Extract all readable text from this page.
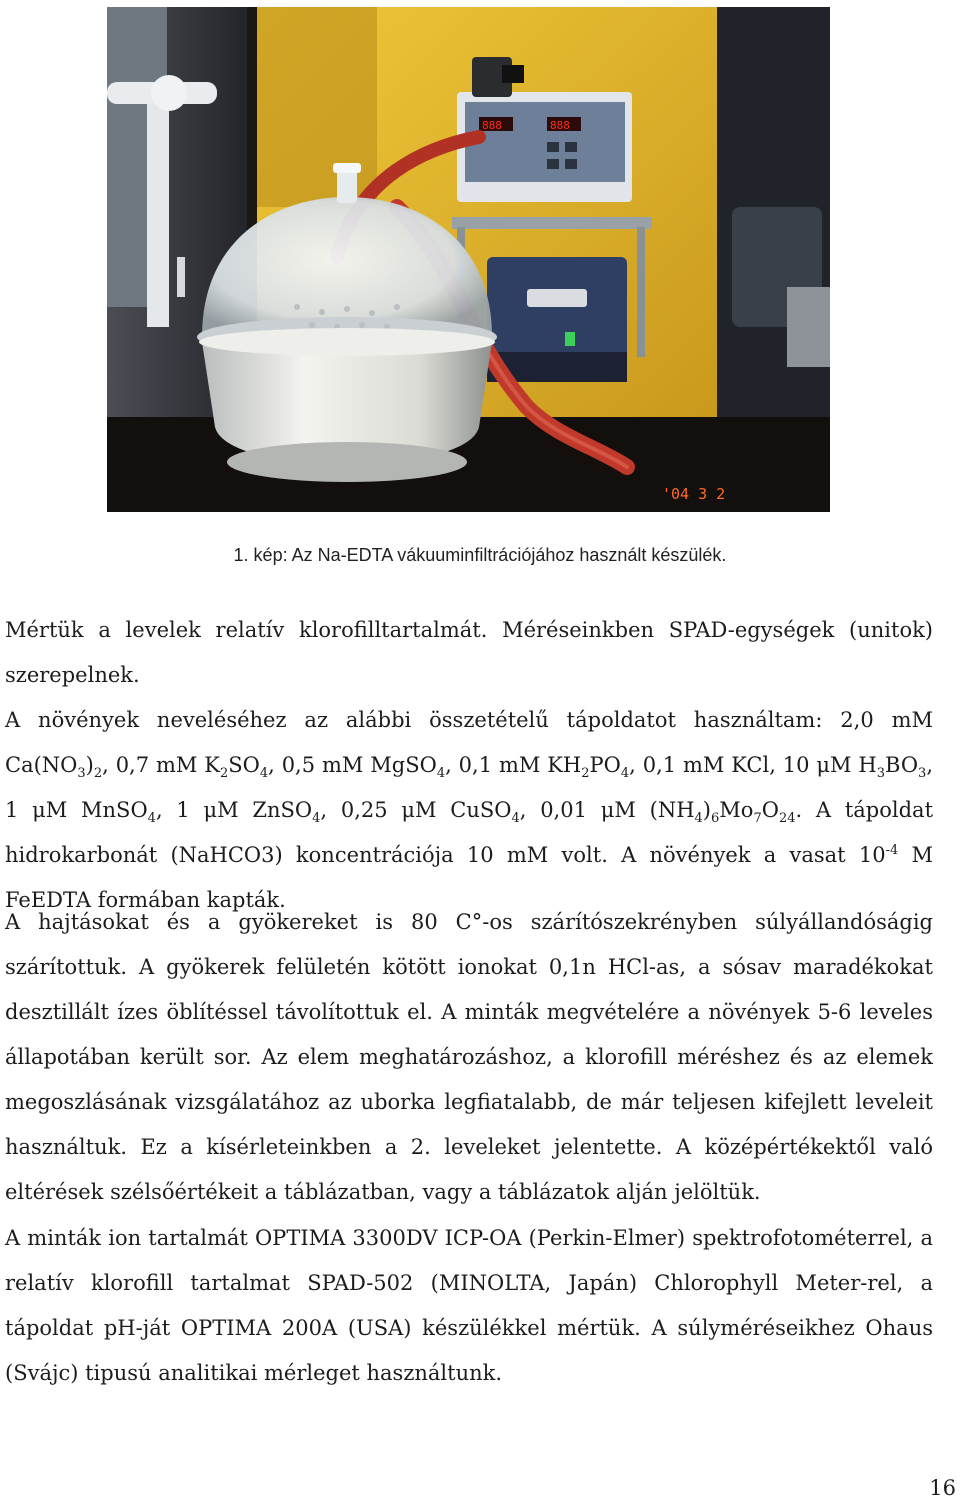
888	888
'04 3 2
1. kép: Az Na-EDTA vákuuminfiltrációjához használt készülék.

Mértük a levelek relatív klorofilltartalmát. Méréseinkben SPAD-egységek (unitok) szerepelnek.

A növények neveléséhez az alábbi összetételű tápoldatot használtam: 2,0 mM $Ca(NO_3)_2$, 0,7 mM $K_2SO_4$, 0,5 mM MgSO$_4$, 0,1 mM $KH_2PO_4$, 0,1 mM KCl, 10 μM $H_3BO_3$, 1 μM MnSO$_4$, 1 μM ZnSO$_4$, 0,25 μM CuSO$_4$, 0,01 μM $(NH_4)_6Mo_7O_{24}$. A tápoldat hidrokarbonát (NaHCO3) koncentrációja 10 mM volt. A növények a vasat $10^{-4}$ M FeEDTA formában kapták.

A hajtásokat és a gyökereket is 80 C°-os szárítószekrényben súlyállandóságig szárítottuk. A gyökerek felületén kötött ionokat 0,1n HCl-as, a sósav maradékokat desztillált ízes öblítéssel távolítottuk el. A minták megvételére a növények 5-6 leveles állapotában került sor. Az elem meghatározáshoz, a klorofill méréshez és az elemek megoszlásának vizsgálatához az uborka legfiatalabb, de már teljesen kifejlett leveleit használtuk. Ez a kísérleteinkben a 2. leveleket jelentette. A középértékektől való eltérések szélsőértékeit a táblázatban, vagy a táblázatok alján jelöltük.

A minták ion tartalmát OPTIMA 3300DV ICP-OA (Perkin-Elmer) spektrofotométerrel, a relatív klorofill tartalmat SPAD-502 (MINOLTA, Japán) Chlorophyll Meter-rel, a tápoldat pH-ját OPTIMA 200A (USA) készülékkel mértük. A súlyméréseikhez Ohaus (Svájc) tipusú analitikai mérleget használtunk.

16
